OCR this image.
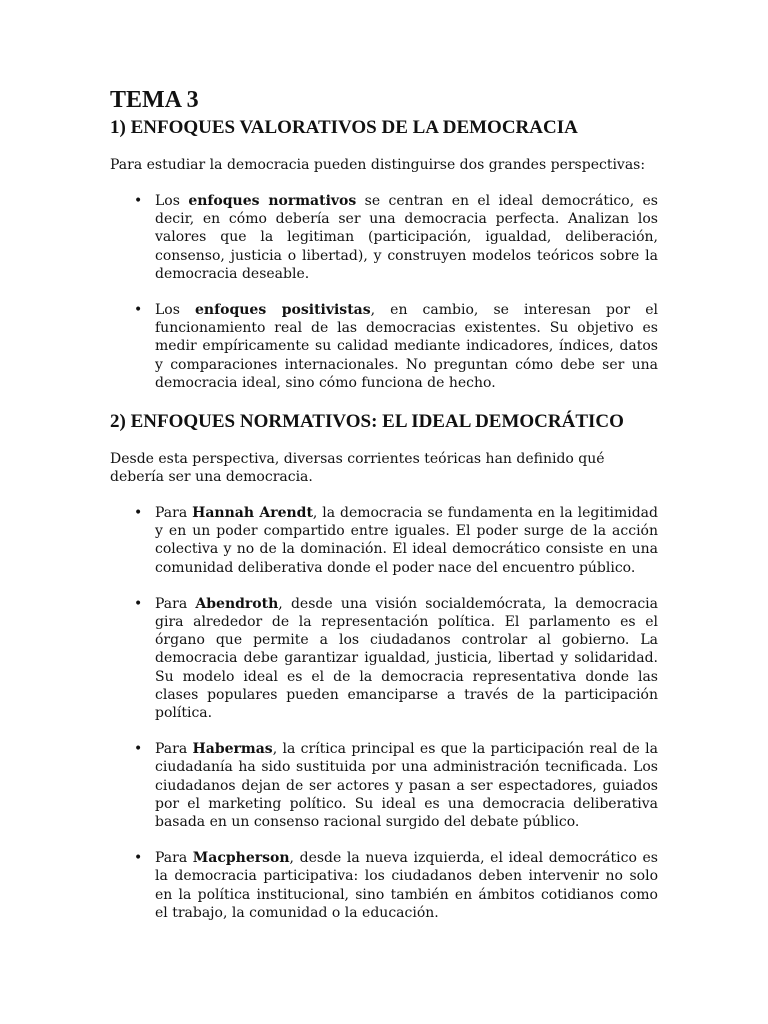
TEMA 3
1) ENFOQUES VALORATIVOS DE LA DEMOCRACIA

Para estudiar la democracia pueden distinguirse dos grandes perspectivas:

• Los enfoques normativos se centran en el ideal democrático, es decir, en cómo debería ser una democracia perfecta. Analizan los valores que la legitiman (participación, igualdad, deliberación, consenso, justicia o libertad), y construyen modelos teóricos sobre la democracia deseable.
• Los enfoques positivistas, en cambio, se interesan por el funcionamiento real de las democracias existentes. Su objetivo es medir empíricamente su calidad mediante indicadores, índices, datos y comparaciones internacionales. No preguntan cómo debe ser una democracia ideal, sino cómo funciona de hecho.
2) ENFOQUES NORMATIVOS: EL IDEAL DEMOCRÁTICO

Desde esta perspectiva, diversas corrientes teóricas han definido qué debería ser una democracia.

• Para Hannah Arendt, la democracia se fundamenta en la legitimidad y en un poder compartido entre iguales. El poder surge de la acción colectiva y no de la dominación. El ideal democrático consiste en una comunidad deliberativa donde el poder nace del encuentro público.
• Para Abendroth, desde una visión socialdemócrata, la democracia gira alrededor de la representación política. El parlamento es el órgano que permite a los ciudadanos controlar al gobierno. La democracia debe garantizar igualdad, justicia, libertad y solidaridad. Su modelo ideal es el de la democracia representativa donde las clases populares pueden emanciparse a través de la participación política.
• Para Habermas, la crítica principal es que la participación real de la ciudadanía ha sido sustituida por una administración tecnificada. Los ciudadanos dejan de ser actores y pasan a ser espectadores, guiados por el marketing político. Su ideal es una democracia deliberativa basada en un consenso racional surgido del debate público.
• Para Macpherson, desde la nueva izquierda, el ideal democrático es la democracia participativa: los ciudadanos deben intervenir no solo en la política institucional, sino también en ámbitos cotidianos como el trabajo, la comunidad o la educación.
